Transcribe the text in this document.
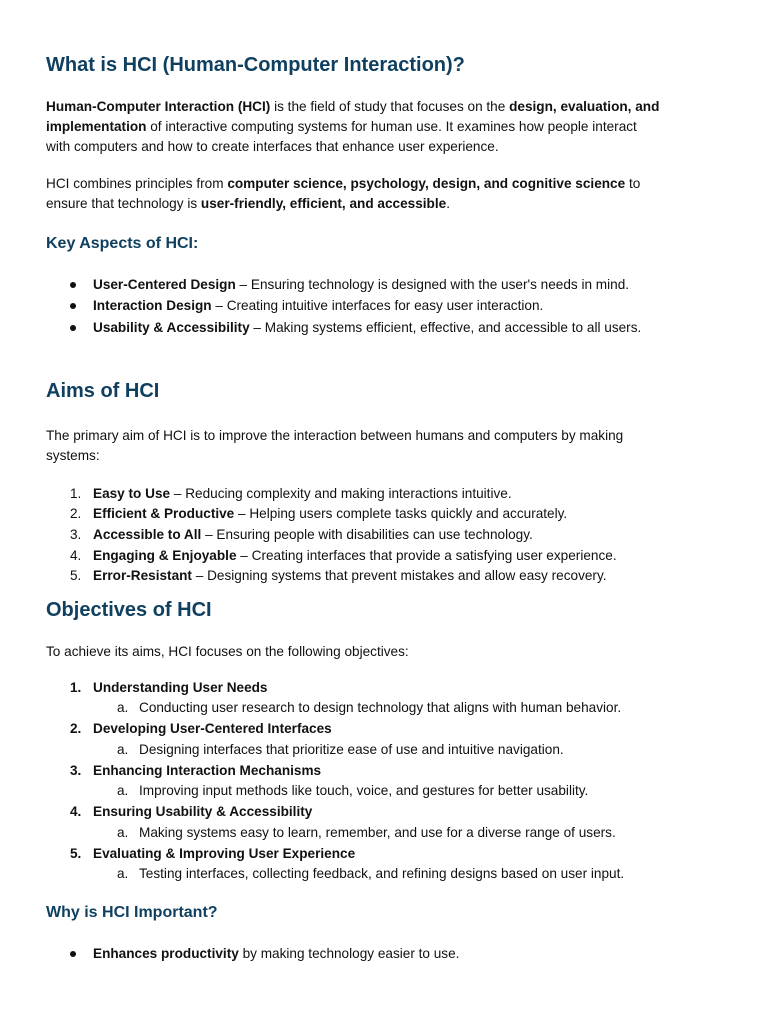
What is HCI (Human-Computer Interaction)?
Human-Computer Interaction (HCI) is the field of study that focuses on the design, evaluation, and
implementation of interactive computing systems for human use. It examines how people interact
with computers and how to create interfaces that enhance user experience.
HCI combines principles from computer science, psychology, design, and cognitive science to
ensure that technology is user-friendly, efficient, and accessible.
Key Aspects of HCI:
User-Centered Design – Ensuring technology is designed with the user's needs in mind.
Interaction Design – Creating intuitive interfaces for easy user interaction.
Usability & Accessibility – Making systems efficient, effective, and accessible to all users.
Aims of HCI
The primary aim of HCI is to improve the interaction between humans and computers by making
systems:
1. Easy to Use – Reducing complexity and making interactions intuitive.
2. Efficient & Productive – Helping users complete tasks quickly and accurately.
3. Accessible to All – Ensuring people with disabilities can use technology.
4. Engaging & Enjoyable – Creating interfaces that provide a satisfying user experience.
5. Error-Resistant – Designing systems that prevent mistakes and allow easy recovery.
Objectives of HCI
To achieve its aims, HCI focuses on the following objectives:
1. Understanding User Needs
a. Conducting user research to design technology that aligns with human behavior.
2. Developing User-Centered Interfaces
a. Designing interfaces that prioritize ease of use and intuitive navigation.
3. Enhancing Interaction Mechanisms
a. Improving input methods like touch, voice, and gestures for better usability.
4. Ensuring Usability & Accessibility
a. Making systems easy to learn, remember, and use for a diverse range of users.
5. Evaluating & Improving User Experience
a. Testing interfaces, collecting feedback, and refining designs based on user input.
Why is HCI Important?
Enhances productivity by making technology easier to use.
